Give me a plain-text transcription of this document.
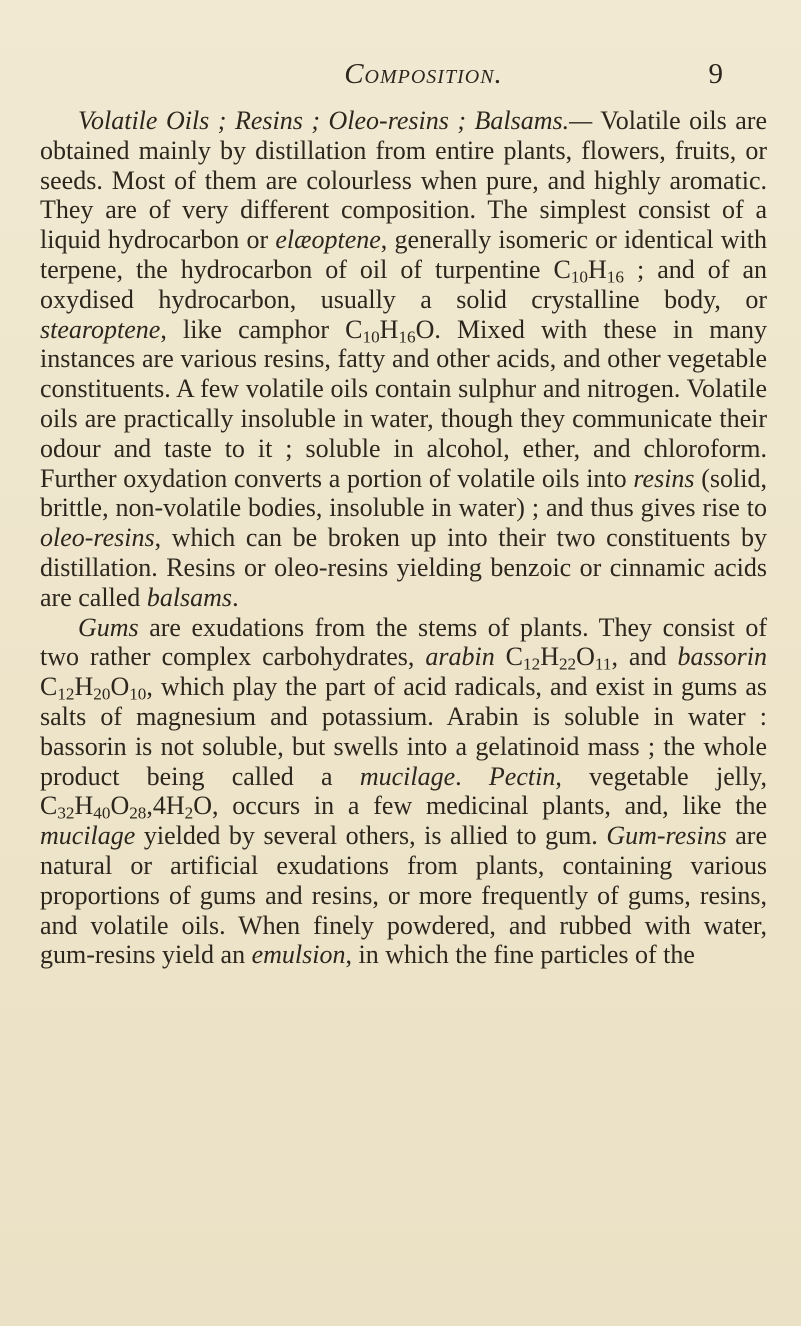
Composition.	9

Volatile Oils ; Resins ; Oleo-resins ; Balsams.— Volatile oils are obtained mainly by distillation from entire plants, flowers, fruits, or seeds. Most of them are colourless when pure, and highly aromatic. They are of very different composition. The simplest consist of a liquid hydrocarbon or elæoptene, generally isomeric or identical with terpene, the hydrocarbon of oil of turpentine $C_{10}H_{16}$ ; and of an oxydised hydrocarbon, usually a solid crystalline body, or stearoptene, like camphor $C_{10}H_{16}O$. Mixed with these in many instances are various resins, fatty and other acids, and other vegetable constituents. A few volatile oils contain sulphur and nitrogen. Volatile oils are practically insoluble in water, though they communicate their odour and taste to it ; soluble in alcohol, ether, and chloroform. Further oxydation converts a portion of volatile oils into resins (solid, brittle, non-volatile bodies, insoluble in water) ; and thus gives rise to oleo-resins, which can be broken up into their two constituents by distillation. Resins or oleo-resins yielding benzoic or cinnamic acids are called balsams.

Gums are exudations from the stems of plants. They consist of two rather complex carbohydrates, arabin $C_{12}H_{22}O_{11}$, and bassorin $C_{12}H_{20}O_{10}$, which play the part of acid radicals, and exist in gums as salts of magnesium and potassium. Arabin is soluble in water : bassorin is not soluble, but swells into a gelatinoid mass ; the whole product being called a mucilage. Pectin, vegetable jelly, $C_{32}H_{40}O_{28},4H_2O$, occurs in a few medicinal plants, and, like the mucilage yielded by several others, is allied to gum. Gum-resins are natural or artificial exudations from plants, containing various proportions of gums and resins, or more frequently of gums, resins, and volatile oils. When finely powdered, and rubbed with water, gum-resins yield an emulsion, in which the fine particles of the
